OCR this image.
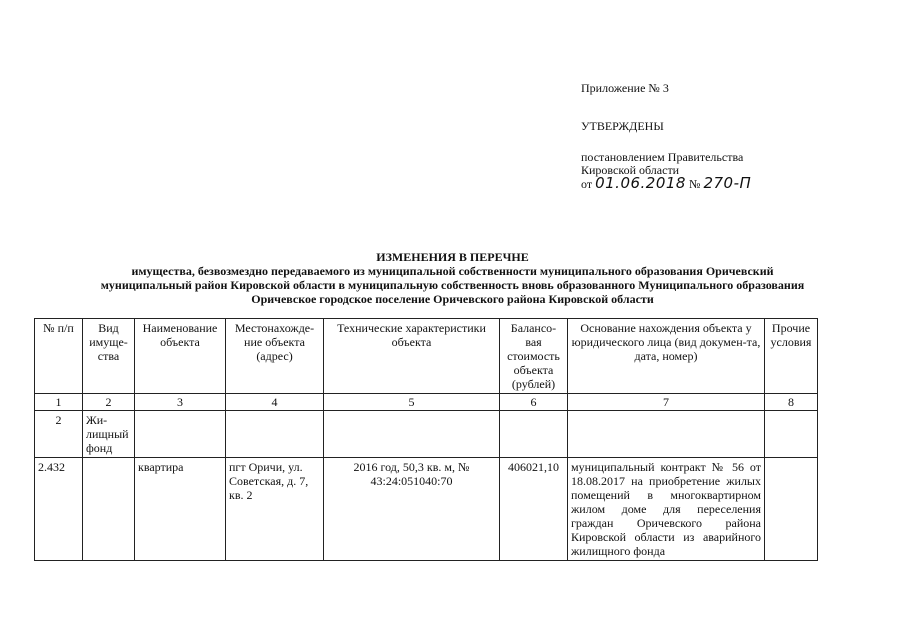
Приложение № 3
УТВЕРЖДЕНЫ
постановлением Правительства
Кировской области
от 01.06.2018 № 270-П
ИЗМЕНЕНИЯ В ПЕРЕЧНЕ
имущества, безвозмездно передаваемого из муниципальной собственности муниципального образования Оричевский
муниципальный район Кировской области в муниципальную собственность вновь образованного Муниципального образования
Оричевское городское поселение Оричевского района Кировской области
№ п/п	Вид имуще-ства	Наименование объекта	Местонахожде-ние объекта (адрес)	Технические характеристики объекта	Балансо-вая стоимость объекта (рублей)	Основание нахождения объекта у юридического лица (вид докумен-та, дата, номер)	Прочие условия
1	2	3	4	5	6	7	8
2	Жи-лищный фонд						
2.432		квартира	пгт Оричи, ул. Советская, д. 7, кв. 2	2016 год, 50,3 кв. м, № 43:24:051040:70	406021,10	муниципальный контракт № 56 от 18.08.2017 на приобретение жилых помещений в многоквартирном жилом доме для переселения граждан Оричевского района Кировской области из аварийного жилищного фонда	
